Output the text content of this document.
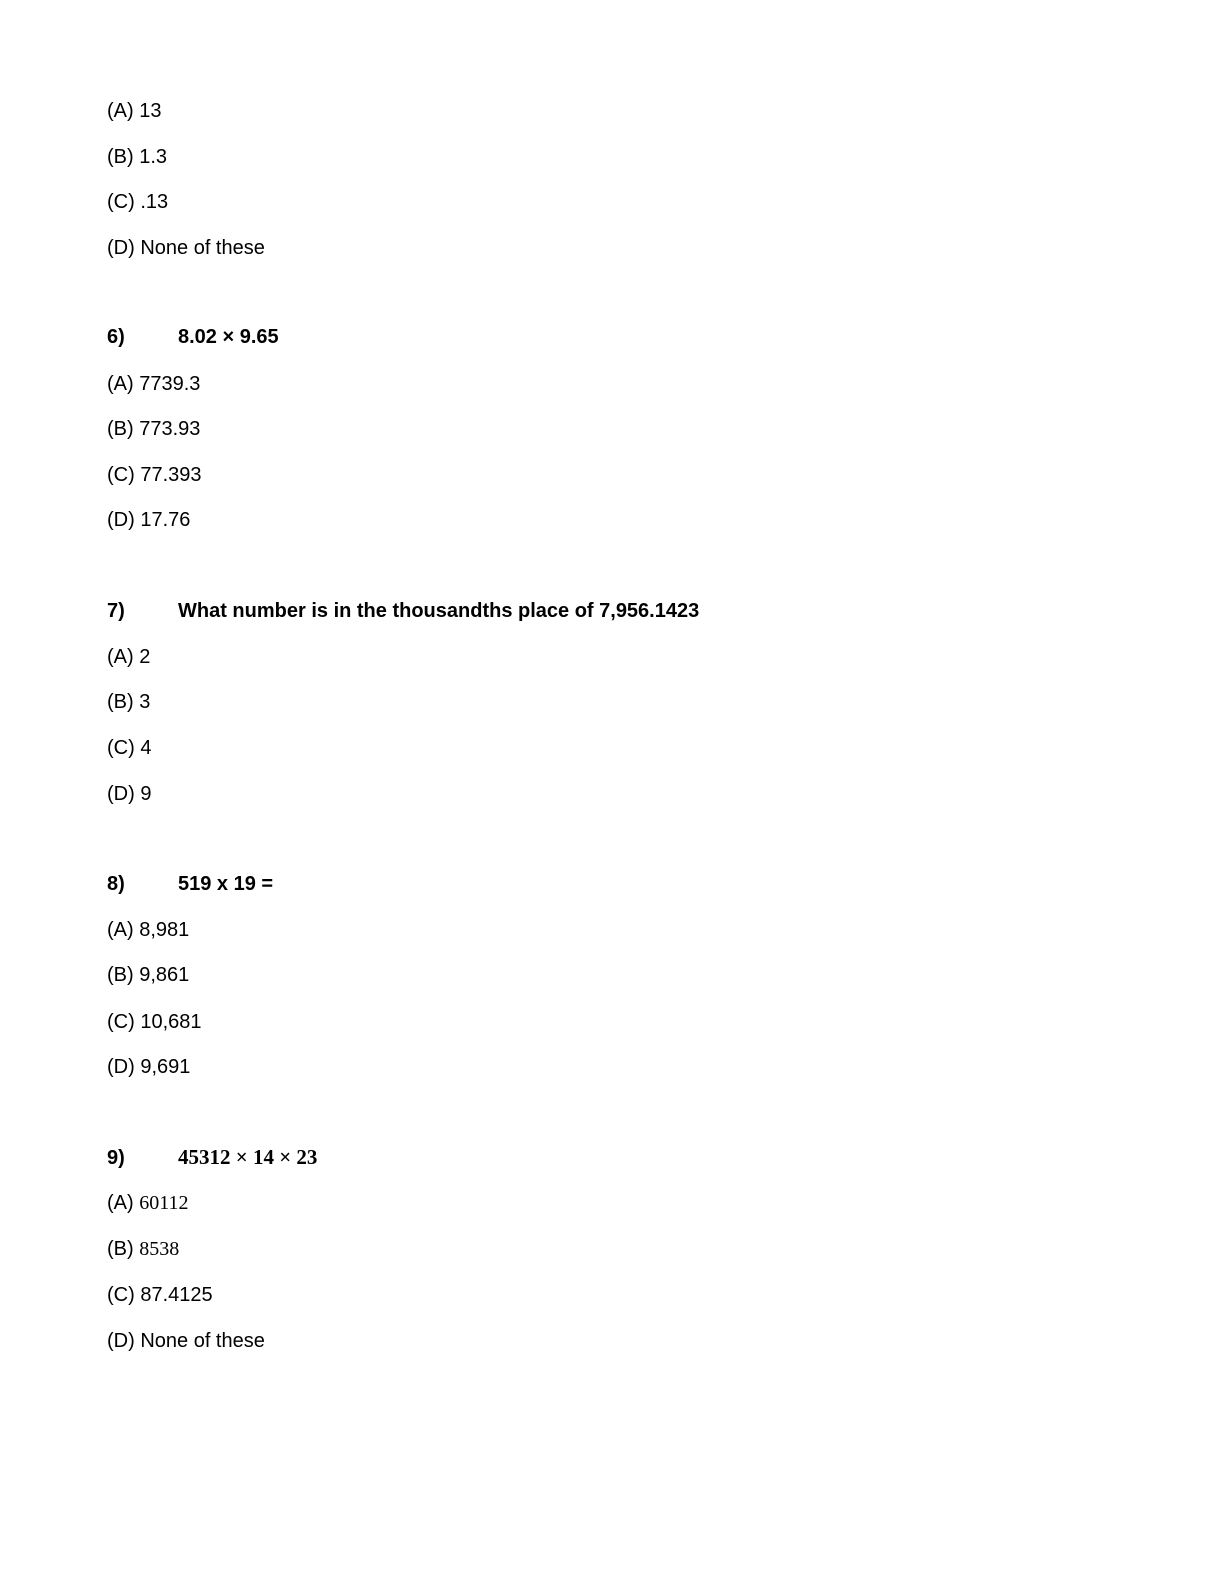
(A) 13
(B) 1.3
(C) .13
(D) None of these
6)	8.02 × 9.65
(A) 7739.3
(B) 773.93
(C) 77.393
(D) 17.76
7)	What number is in the thousandths place of 7,956.1423
(A) 2
(B) 3
(C) 4
(D) 9
8)	519 x 19 =
(A) 8,981
(B) 9,861
(C) 10,681
(D) 9,691
9)	45312 × 14 × 23
(A) 60112
(B) 8538
(C) 87.4125
(D) None of these
